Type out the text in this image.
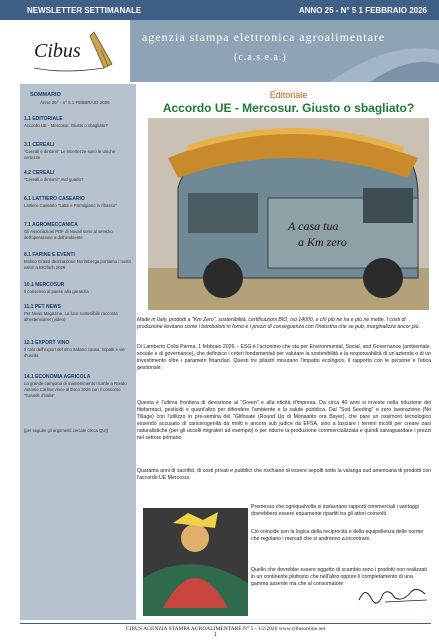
NEWSLETTER SETTIMANALE	ANNO 25 - N° 5 1 FEBBRAIO 2026
Cibus
agenzia stampa elettronica agroalimentare
(c.a.s.e.a.)
SOMMARIO
Anno 25° - n° 5 1 FEBBRAIO 2026
1.1 EDITORIALE
Accordo UE - Mercosur. Giusto o sbagliato?
3.1 CEREALI
"Cereali e dintorni" Le incertezze sono le uniche certezze
4.2 CEREALI
"Cereali e dintorni" Avd guado?
6.1 LATTIERO CASEARIO
Lattiero Caseario "Latte e Parmigiano in ribasso"
7.1 AGROMECCANICA
Gli Associazioni PDF di Novati sono al servizio dell'operazione a dell'ambiente
8.1 FARINE E EVENTI
Molino Grassi destinazione Norimberga portiamo i nostri valori a BIOfach 2026
10.1 MERCOSUR
Il consenso al paese alla garanzia
11.1 PET NEWS
Pet News Magazine. La luce sostenibile racconta all'estensione! (video)
12.1 EXPORT VINO
Il calo dell'export del vino italiano causa, impatti e vie d'uscita
14.1 ECONOMIA AGRICOLA
La grande campana di mantenimento riconfe a Rondo Antonio Carlino vince al Esco 2026 con il concorso "Grande d'Italia"
(per seguire gli argomenti cercate clicca QUI)
Editoriale
Accordo UE - Mercosur. Giusto o sbagliato?
A casa tua a Km zero
Made in Italy, prodotti a "Km Zero", sostenibilità, certificazioni BIO, iso 14000, e chi più ne ha e più ne mette. I costi di produzione lievitano come i bomboloni in forno e i prezzi di conseguenza con l'industria che se pub, marginalizza ancor più.
Di Lamberto Colla Parma, 1 febbraio 2026. - ESG è l'acronimo che sta per Environmental, Social, and Governance (ambientale, sociale e di governance), che definisce i criteri fondamentali per valutare la sostenibilità e la responsabilità di un'azienda o di un investimento oltre i parametri finanziari. Questi tre pilastri misurano l'impatto ecologico, il rapporto con le persone e l'etica gestionale.
Questa è l'ultima frontiera di devozione al "Green" e alla eticità d'impresa. Da circa 40 anni si investe nella riduzione dei fitofarmaci, pesticidi e quant'altro per difendere l'ambiente e la salute pubblica. Dal "Sod Seeding" o zero lavorazione (No Tillage) con l'utilizzo in pre-semina del "Glifosate (Round Up di Monsanto ora Bayer), che pare un ossimoro tecnologico essendo accusato di cancerogenità da molti e ancora sub judice da EFSA, sino a lasciare i terreni incolti per creare oasi naturalistiche (per gli uccelli migratori ad esempio) o per ridurre la produzione commercializzata e quindi salvaguardare i prezzi nel settore primario.
Quaranta anni di sacrifici, di costi privati e pubblici che rischiano di essere sepolti sotto la valanga sud americana di prodotti con l'accordo UE Mercosur.
Premesso che ogniqualvolta si instaurano rapporti commerciali i vantaggi dovrebbero essere equamente ripartiti tra gli attori coinvolti.
Ciò coincide con la logica della reciprocità e della equipollenza delle norme che regolano i mercati che si andranno a incontrare.
Quello che dovrebbe essere oggetto di scambio sono i prodotti non realizzati in un continente piuttosto che nell'altro oppure il completamento di una gamma assente ma che al consumatore
CIBUS AGENZIA STAMPA AGROALIMENTARE N° 5 - 1/2/2026 www.cibusonline.net
1
